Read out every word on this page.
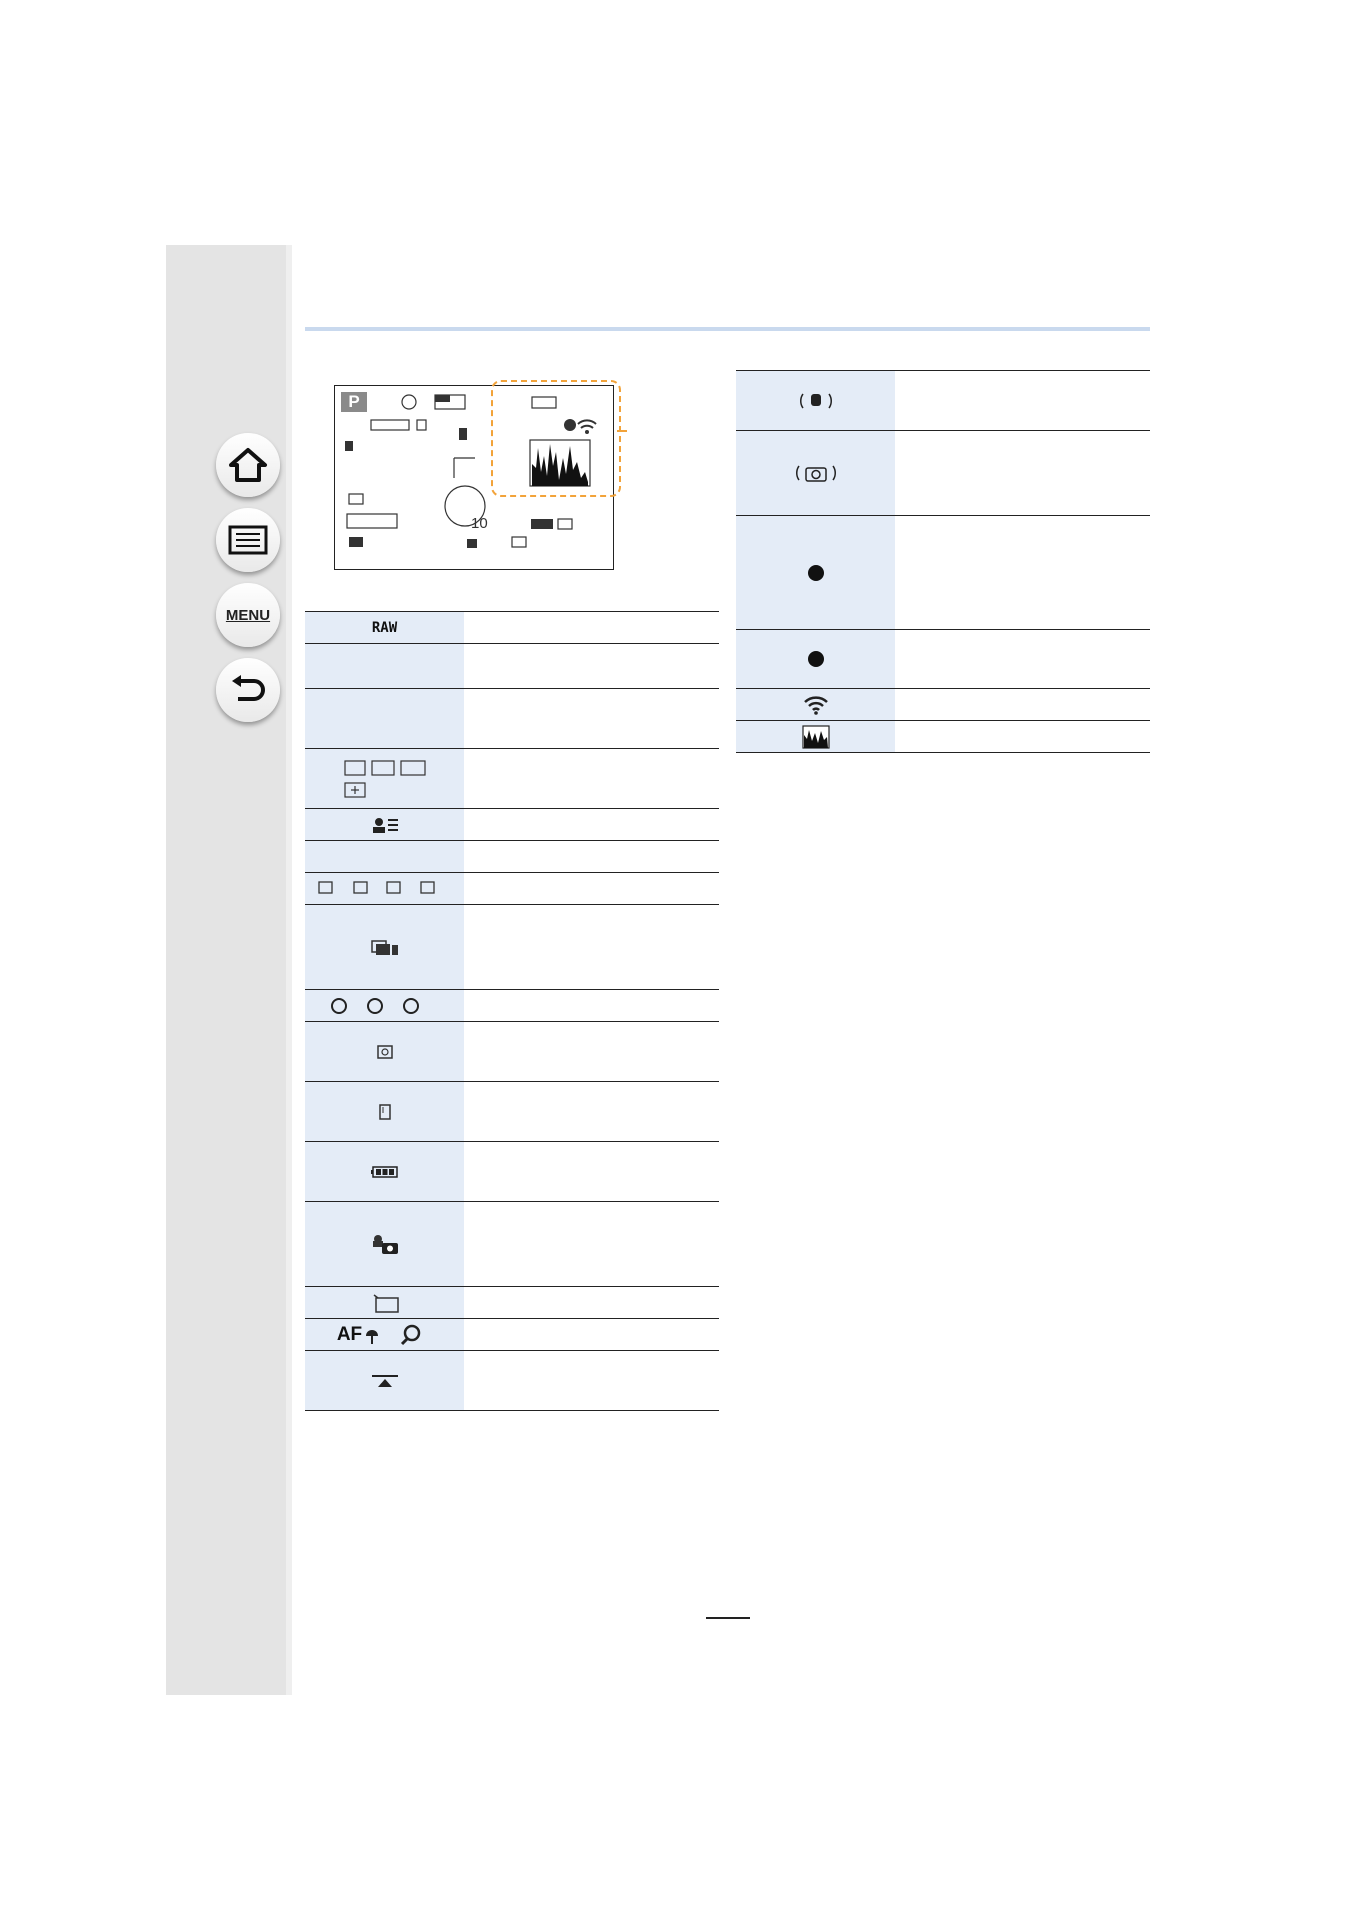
MENU
P
10
RAW
AF
